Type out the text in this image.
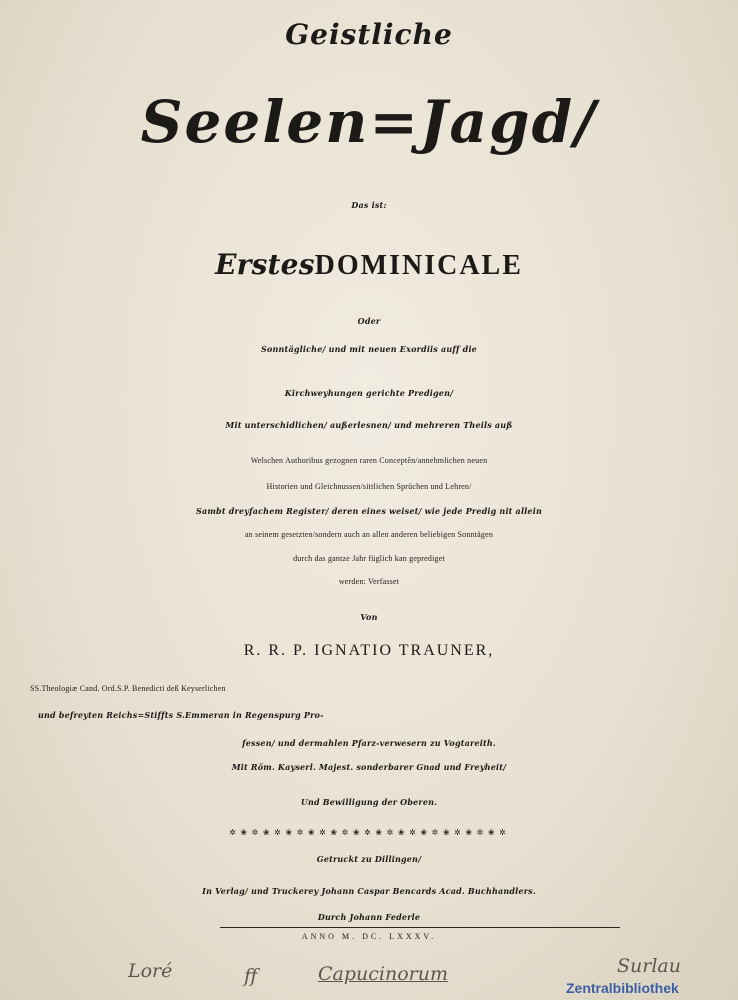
Geistliche
Seelen=Jagd/
Das ist:
ErstesDOMINICALE
Oder
Sonntägliche/ und mit neuen Exordiis auff die
Kirchweyhungen gerichte Predigen/
Mit unterschidlichen/ außerlesnen/ und mehreren Theils auß
Welschen Authoribus gezognen raren Conceptẽn/annehmlichen neuen
Historien und Gleichnussen/sittlichen Sprüchen und Lehren/
Sambt dreyfachem Register/ deren eines weiset/ wie jede Predig nit allein
an seinem gesetzten/sondern auch an allen anderen beliebigen Sonntägen
durch das gantze Jahr füglich kan geprediget
werden: Verfasset
Von
R. R. P. IGNATIO TRAUNER,
SS.Theologiæ Cand. Ord.S.P. Benedicti deß Keyserlichen
und befreyten Reichs=Stiffts S.Emmeran in Regenspurg Pro-
fessen/ und dermahlen Pfarz-verwesern zu Vogtareith.
Mit Röm. Kayserl. Majest. sonderbarer Gnad und Freyheit/
Und Bewilligung der Oberen.
✲ ❀ ✲ ❀ ✲ ❀ ✲ ❀ ✲ ❀ ✲ ❀ ✲ ❀ ✲ ❀ ✲ ❀ ✲ ❀ ✲ ❀ ✲ ❀ ✲
Getruckt zu Dillingen/
In Verlag/ und Truckerey Johann Caspar Bencards Acad. Buchhandlers.
Durch Johann Federle
ANNO M. DC. LXXXV.
Loré	ff	Capucinorum	Surlau
Zentralbibliothek
